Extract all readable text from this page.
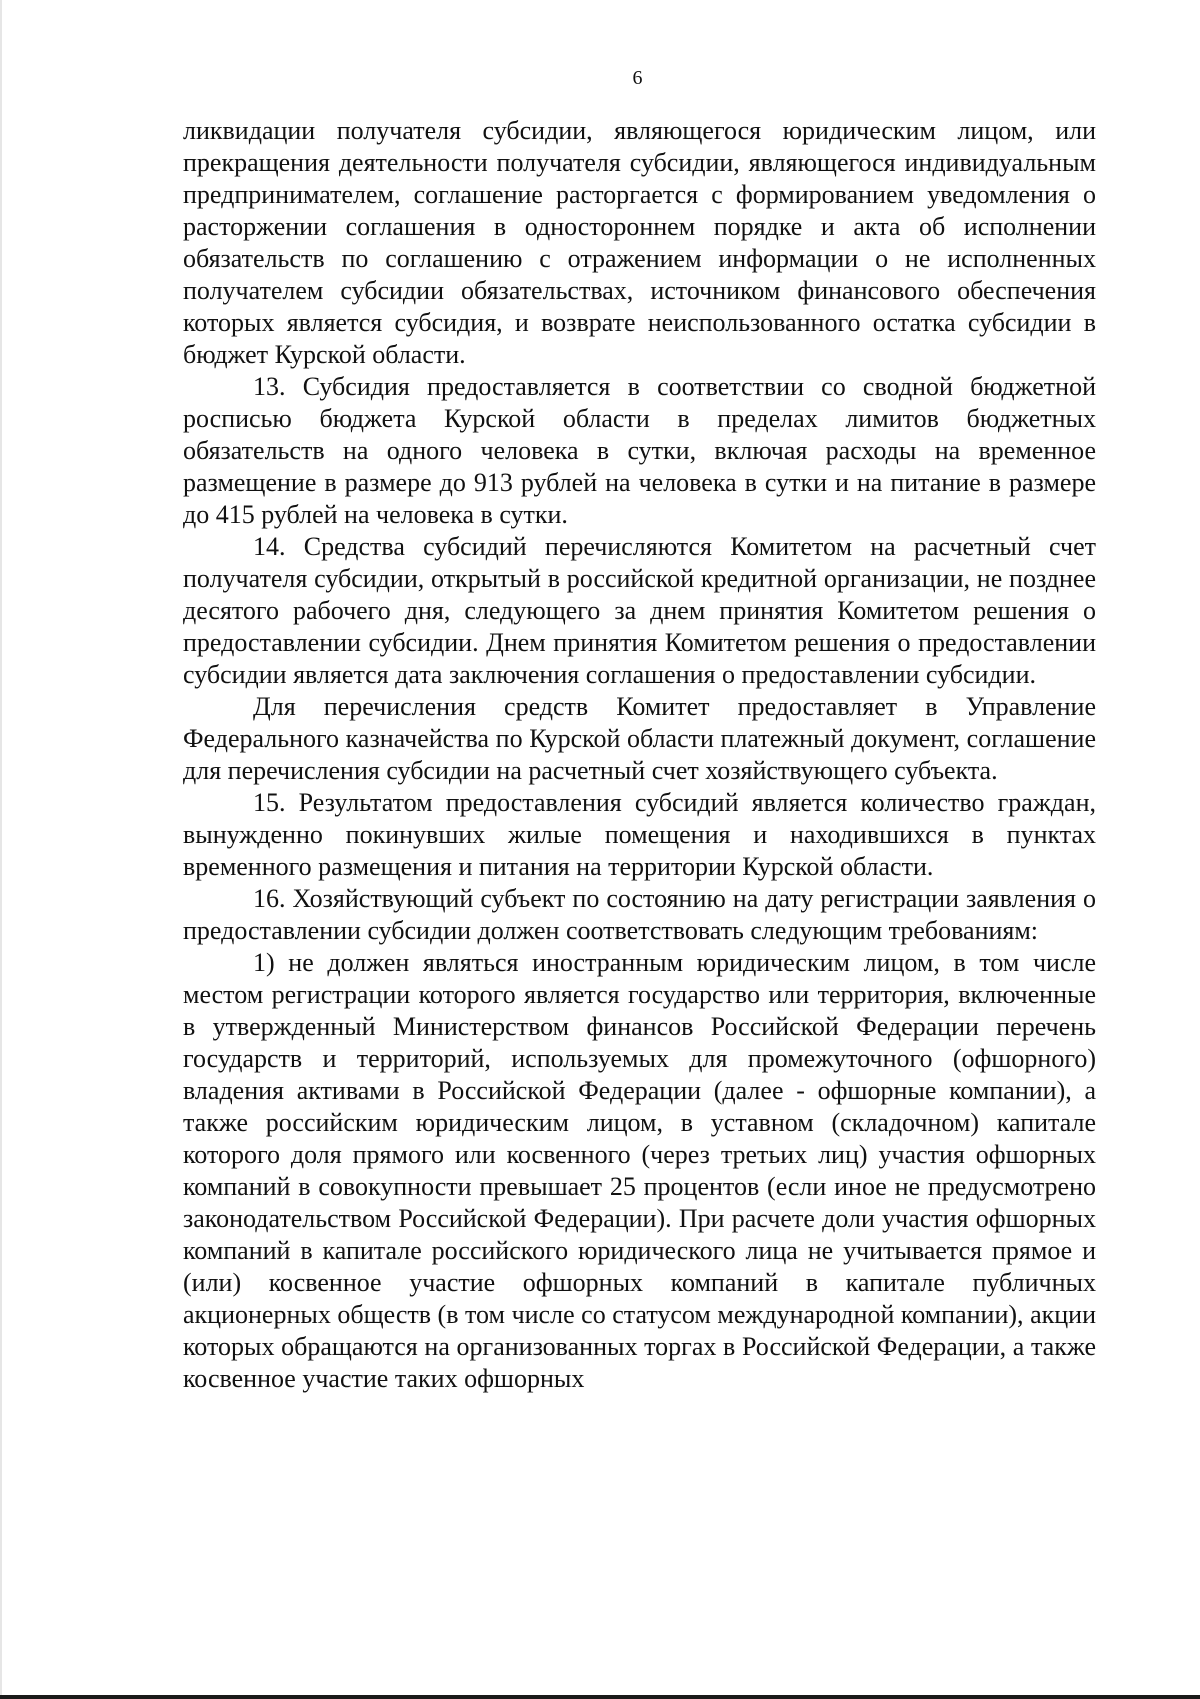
6

ликвидации получателя субсидии, являющегося юридическим лицом, или прекращения деятельности получателя субсидии, являющегося индивидуальным предпринимателем, соглашение расторгается с формированием уведомления о расторжении соглашения в одностороннем порядке и акта об исполнении обязательств по соглашению с отражением информации о не исполненных получателем субсидии обязательствах, источником финансового обеспечения которых является субсидия, и возврате неиспользованного остатка субсидии в бюджет Курской области.

13. Субсидия предоставляется в соответствии со сводной бюджетной росписью бюджета Курской области в пределах лимитов бюджетных обязательств на одного человека в сутки, включая расходы на временное размещение в размере до 913 рублей на человека в сутки и на питание в размере до 415 рублей на человека в сутки.

14. Средства субсидий перечисляются Комитетом на расчетный счет получателя субсидии, открытый в российской кредитной организации, не позднее десятого рабочего дня, следующего за днем принятия Комитетом решения о предоставлении субсидии. Днем принятия Комитетом решения о предоставлении субсидии является дата заключения соглашения о предоставлении субсидии.

Для перечисления средств Комитет предоставляет в Управление Федерального казначейства по Курской области платежный документ, соглашение для перечисления субсидии на расчетный счет хозяйствующего субъекта.

15. Результатом предоставления субсидий является количество граждан, вынужденно покинувших жилые помещения и находившихся в пунктах временного размещения и питания на территории Курской области.

16. Хозяйствующий субъект по состоянию на дату регистрации заявления о предоставлении субсидии должен соответствовать следующим требованиям:

1) не должен являться иностранным юридическим лицом, в том числе местом регистрации которого является государство или территория, включенные в утвержденный Министерством финансов Российской Федерации перечень государств и территорий, используемых для промежуточного (офшорного) владения активами в Российской Федерации (далее - офшорные компании), а также российским юридическим лицом, в уставном (складочном) капитале которого доля прямого или косвенного (через третьих лиц) участия офшорных компаний в совокупности превышает 25 процентов (если иное не предусмотрено законодательством Российской Федерации). При расчете доли участия офшорных компаний в капитале российского юридического лица не учитывается прямое и (или) косвенное участие офшорных компаний в капитале публичных акционерных обществ (в том числе со статусом международной компании), акции которых обращаются на организованных торгах в Российской Федерации, а также косвенное участие таких офшорных
